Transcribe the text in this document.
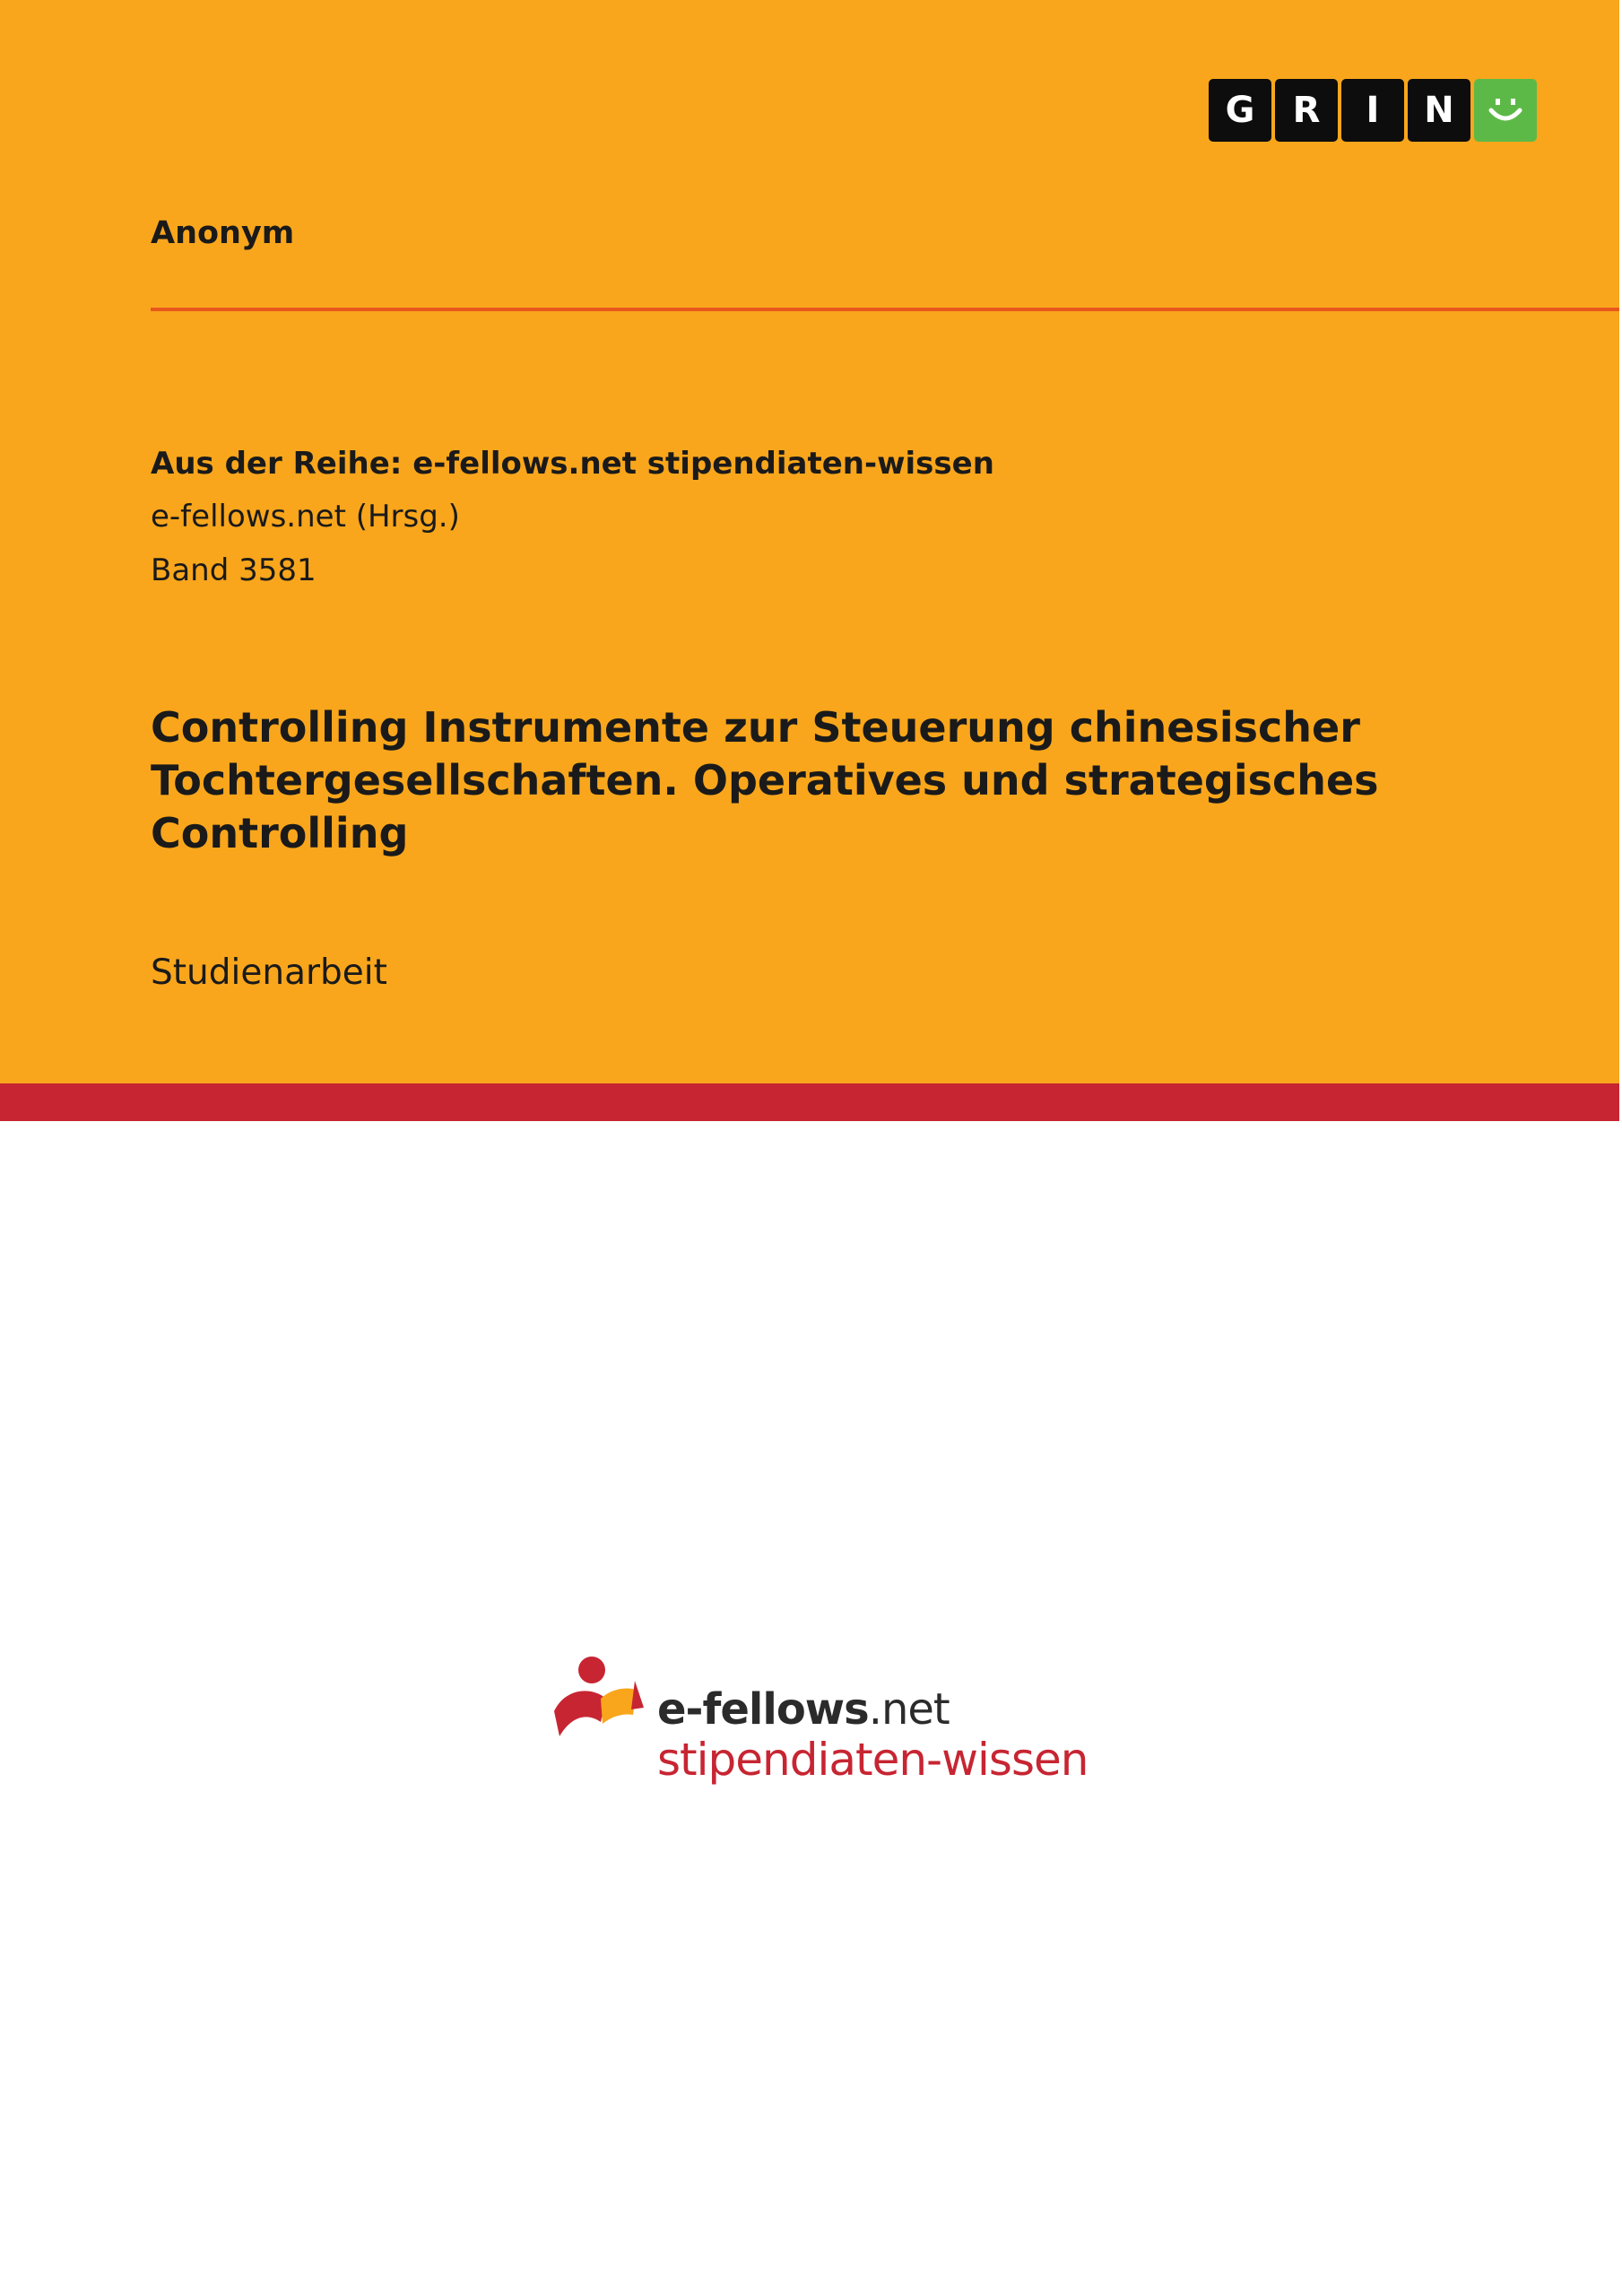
G	R	I	N
Anonym
Aus der Reihe: e-fellows.net stipendiaten-wissen
e-fellows.net (Hrsg.)
Band 3581
Controlling Instrumente zur Steuerung chinesischer Tochtergesellschaften. Operatives und strategisches Controlling
Studienarbeit
e-fellows.net
stipendiaten-wissen
